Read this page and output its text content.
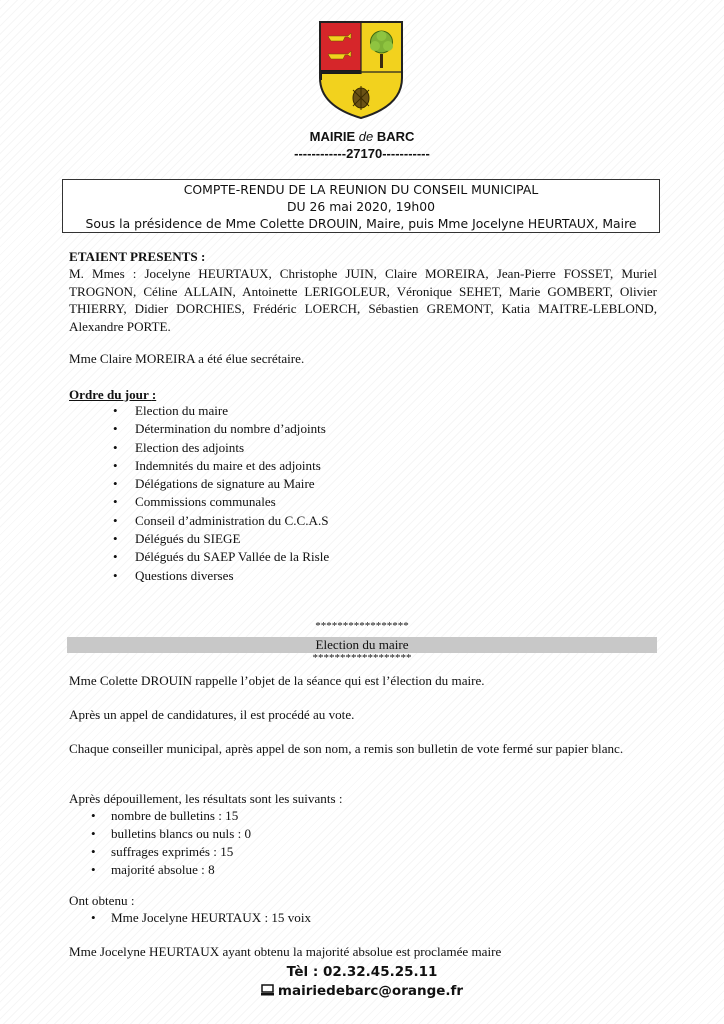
MAIRIE de BARC
------------27170-----------
COMPTE-RENDU DE LA REUNION DU CONSEIL MUNICIPAL
DU 26 mai 2020, 19h00
Sous la présidence de Mme Colette DROUIN, Maire, puis Mme Jocelyne HEURTAUX, Maire
ETAIENT PRESENTS :
M. Mmes : Jocelyne HEURTAUX, Christophe JUIN, Claire MOREIRA, Jean-Pierre FOSSET, Muriel TROGNON, Céline ALLAIN, Antoinette LERIGOLEUR, Véronique SEHET, Marie GOMBERT, Olivier THIERRY, Didier DORCHIES, Frédéric LOERCH, Sébastien GREMONT, Katia MAITRE-LEBLOND, Alexandre PORTE.
Mme Claire MOREIRA a été élue secrétaire.
Ordre du jour :
• Election du maire
• Détermination du nombre d’adjoints
• Election des adjoints
• Indemnités du maire et des adjoints
• Délégations de signature au Maire
• Commissions communales
• Conseil d’administration du C.C.A.S
• Délégués du SIEGE
• Délégués du SAEP Vallée de la Risle
• Questions diverses
*****************
Election du maire
******************
Mme Colette DROUIN rappelle l’objet de la séance qui est l’élection du maire.
Après un appel de candidatures, il est procédé au vote.
Chaque conseiller municipal, après appel de son nom, a remis son bulletin de vote fermé sur papier blanc.
Après dépouillement, les résultats sont les suivants :
• nombre de bulletins : 15
• bulletins blancs ou nuls : 0
• suffrages exprimés : 15
• majorité absolue : 8
Ont obtenu :
• Mme Jocelyne HEURTAUX : 15 voix
Mme Jocelyne HEURTAUX ayant obtenu la majorité absolue est proclamée maire
Tèl : 02.32.45.25.11
mairiedebarc@orange.fr
